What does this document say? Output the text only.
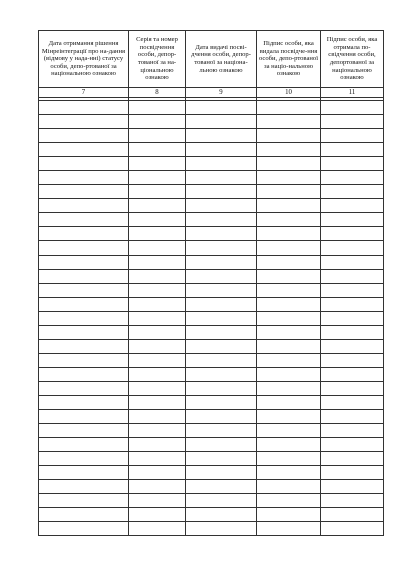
Дата отримання рішення Мінреінтеграції про на-дання (відмову у нада-нні) статусу особи, депо-ртованої за національною ознакою	Серія та номер посвідчення особи, депор-тованої за на-ціональною ознакою	Дата видачі посві-дчення особи, депор-тованої за націона-льною ознакою	Підпис особи, яка видала посвідче-ння особи, депо-ртованої за націо-нальною ознакою	Підпис особи, яка отримала по-свідчення особи, депортованої за національною ознакою
7	8	9	10	11
